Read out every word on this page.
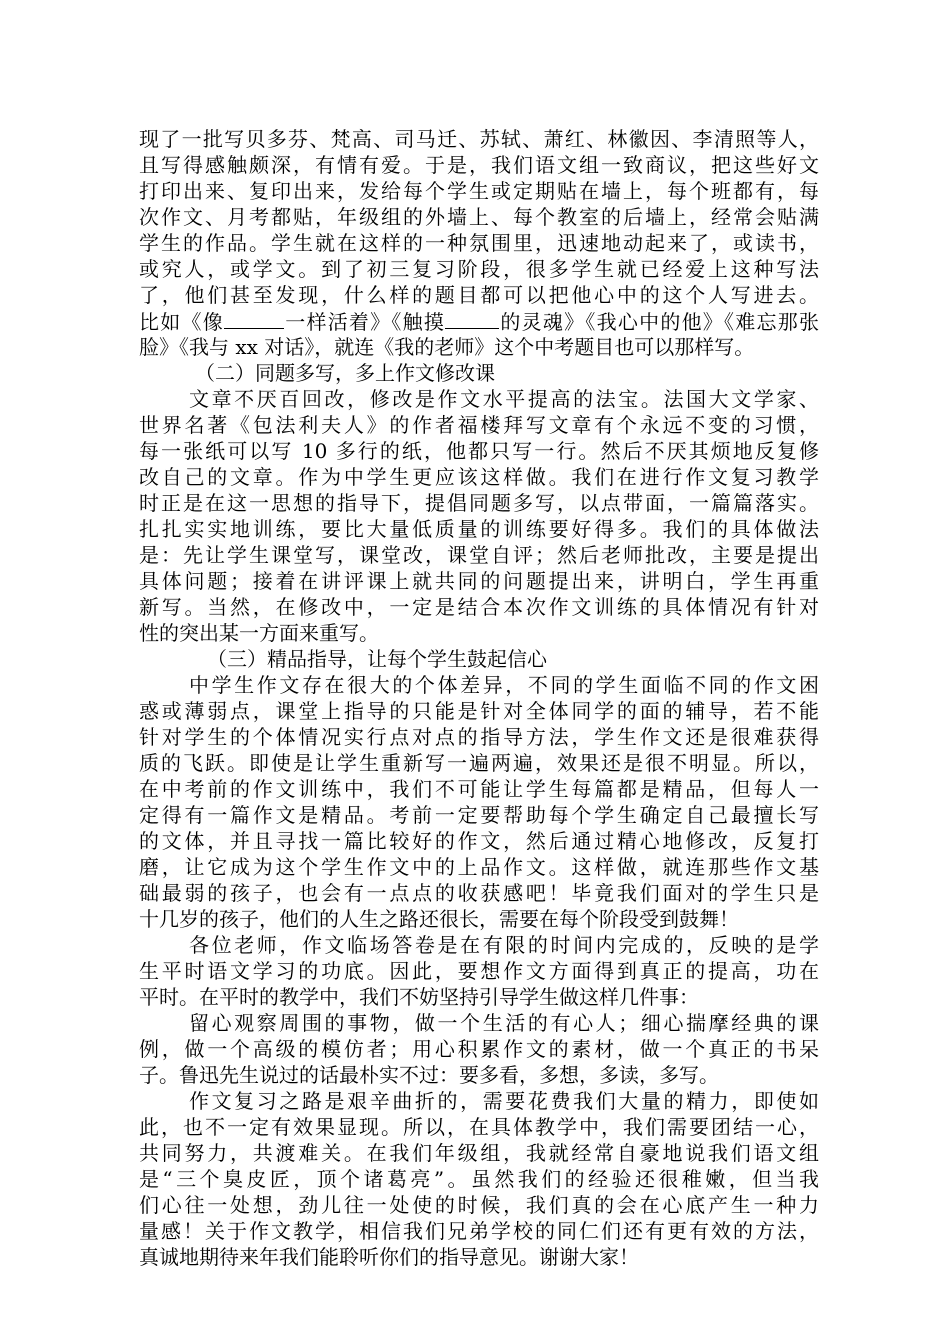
现了一批写贝多芬、梵高、司马迁、苏轼、萧红、林徽因、李清照等人，
且写得感触颇深，有情有爱。于是，我们语文组一致商议，把这些好文
打印出来、复印出来，发给每个学生或定期贴在墙上，每个班都有，每
次作文、月考都贴，年级组的外墙上、每个教室的后墙上，经常会贴满
学生的作品。学生就在这样的一种氛围里，迅速地动起来了，或读书，
或究人，或学文。到了初三复习阶段，很多学生就已经爱上这种写法
了，他们甚至发现，什么样的题目都可以把他心中的这个人写进去。
比如《像	一样活着》《触摸	的灵魂》《我心中的他》《难忘那张
脸》《我与 xx 对话》，就连《我的老师》这个中考题目也可以那样写。
（二）同题多写，多上作文修改课
文章不厌百回改，修改是作文水平提高的法宝。法国大文学家、
世界名著《包法利夫人》的作者福楼拜写文章有个永远不变的习惯，
每一张纸可以写 10 多行的纸，他都只写一行。然后不厌其烦地反复修
改自己的文章。作为中学生更应该这样做。我们在进行作文复习教学
时正是在这一思想的指导下，提倡同题多写，以点带面，一篇篇落实。
扎扎实实地训练，要比大量低质量的训练要好得多。我们的具体做法
是：先让学生课堂写，课堂改，课堂自评；然后老师批改，主要是提出
具体问题；接着在讲评课上就共同的问题提出来，讲明白，学生再重
新写。当然，在修改中，一定是结合本次作文训练的具体情况有针对
性的突出某一方面来重写。
（三）精品指导，让每个学生鼓起信心
中学生作文存在很大的个体差异，不同的学生面临不同的作文困
惑或薄弱点，课堂上指导的只能是针对全体同学的面的辅导，若不能
针对学生的个体情况实行点对点的指导方法，学生作文还是很难获得
质的飞跃。即使是让学生重新写一遍两遍，效果还是很不明显。所以，
在中考前的作文训练中，我们不可能让学生每篇都是精品，但每人一
定得有一篇作文是精品。考前一定要帮助每个学生确定自己最擅长写
的文体，并且寻找一篇比较好的作文，然后通过精心地修改，反复打
磨，让它成为这个学生作文中的上品作文。这样做，就连那些作文基
础最弱的孩子，也会有一点点的收获感吧！毕竟我们面对的学生只是
十几岁的孩子，他们的人生之路还很长，需要在每个阶段受到鼓舞！
各位老师，作文临场答卷是在有限的时间内完成的，反映的是学
生平时语文学习的功底。因此，要想作文方面得到真正的提高，功在
平时。在平时的教学中，我们不妨坚持引导学生做这样几件事：
留心观察周围的事物，做一个生活的有心人；细心揣摩经典的课
例，做一个高级的模仿者；用心积累作文的素材，做一个真正的书呆
子。鲁迅先生说过的话最朴实不过：要多看，多想，多读，多写。
作文复习之路是艰辛曲折的，需要花费我们大量的精力，即使如
此，也不一定有效果显现。所以，在具体教学中，我们需要团结一心，
共同努力，共渡难关。在我们年级组，我就经常自豪地说我们语文组
是“三个臭皮匠，顶个诸葛亮”。虽然我们的经验还很稚嫩，但当我
们心往一处想，劲儿往一处使的时候，我们真的会在心底产生一种力
量感！关于作文教学，相信我们兄弟学校的同仁们还有更有效的方法，
真诚地期待来年我们能聆听你们的指导意见。谢谢大家！
